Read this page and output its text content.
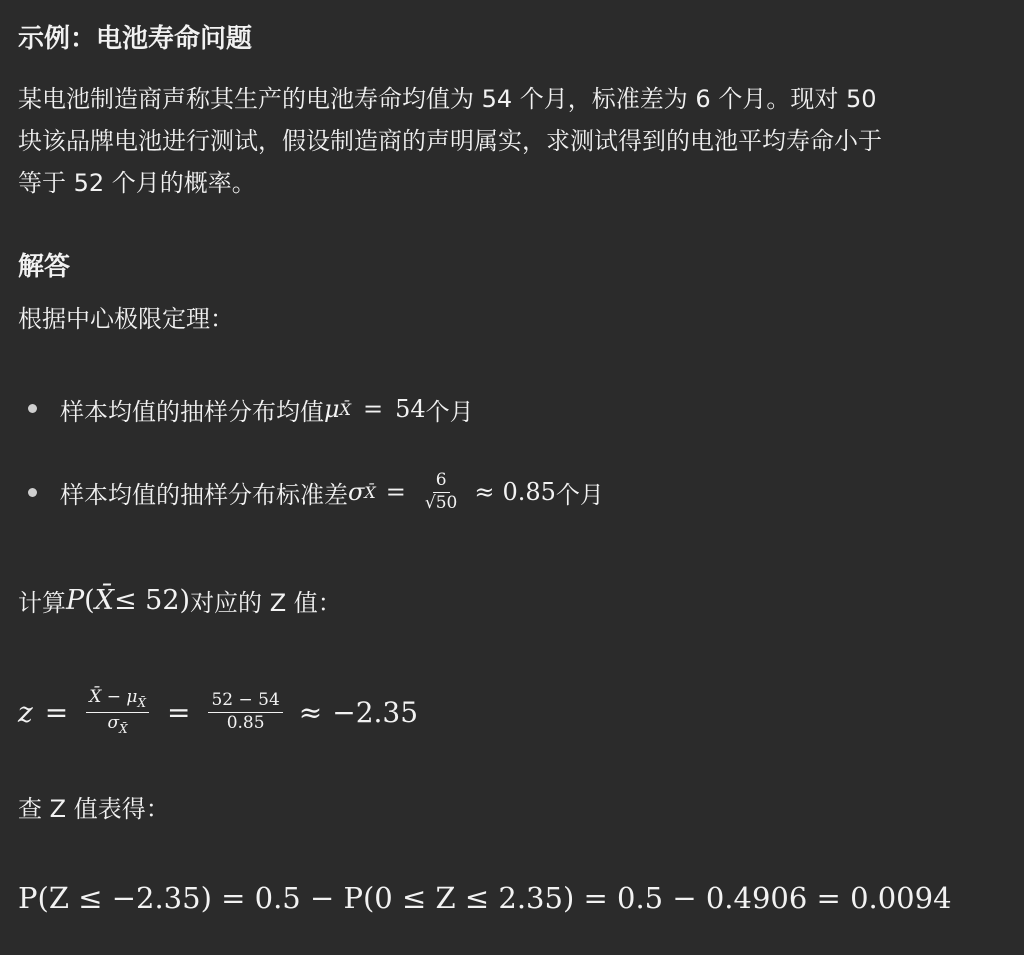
示例：电池寿命问题
某电池制造商声称其生产的电池寿命均值为 54 个月，标准差为 6 个月。现对 50
块该品牌电池进行测试，假设制造商的声明属实，求测试得到的电池平均寿命小于
等于 52 个月的概率。
解答
根据中心极限定理：
样本均值的抽样分布均值 μ X̄ = 54 个月
样本均值的抽样分布标准差 σ X̄ = $\frac{6}{√50} \approx 0.85$ 个月
计算 P ( X̄ ≤ 52) 对应的 Z 值：
$z = \frac{X̄ - \mu_{X̄}}{\sigma_{X̄}} = \frac{52 - 54}{0.85} \approx -2.35$
查 Z 值表得：
P(Z ≤ −2.35) = 0.5 − P(0 ≤ Z ≤ 2.35) = 0.5 − 0.4906 = 0.0094
